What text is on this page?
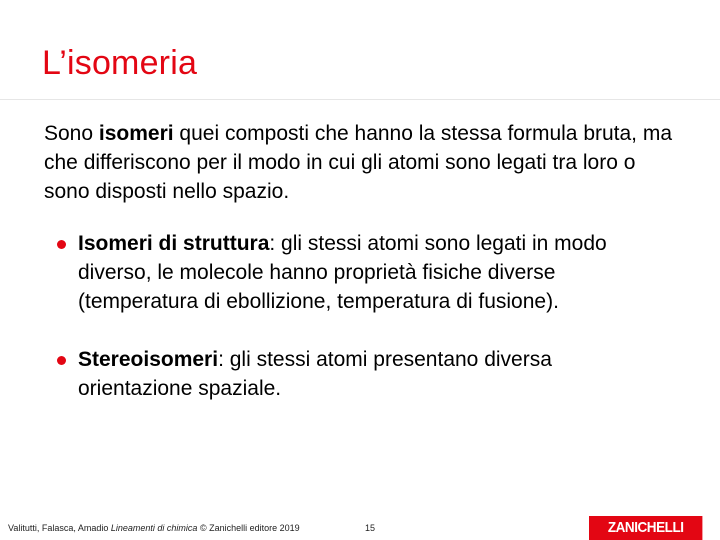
L’isomeria

Sono isomeri quei composti che hanno la stessa formula bruta, ma che differiscono per il modo in cui gli atomi sono legati tra loro o sono disposti nello spazio.

Isomeri di struttura: gli stessi atomi sono legati in modo diverso, le molecole hanno proprietà fisiche diverse (temperatura di ebollizione, temperatura di fusione).
Stereoisomeri: gli stessi atomi presentano diversa orientazione spaziale.
Valitutti, Falasca, Amadio Lineamenti di chimica © Zanichelli editore 2019	15	ZANICHELLI
